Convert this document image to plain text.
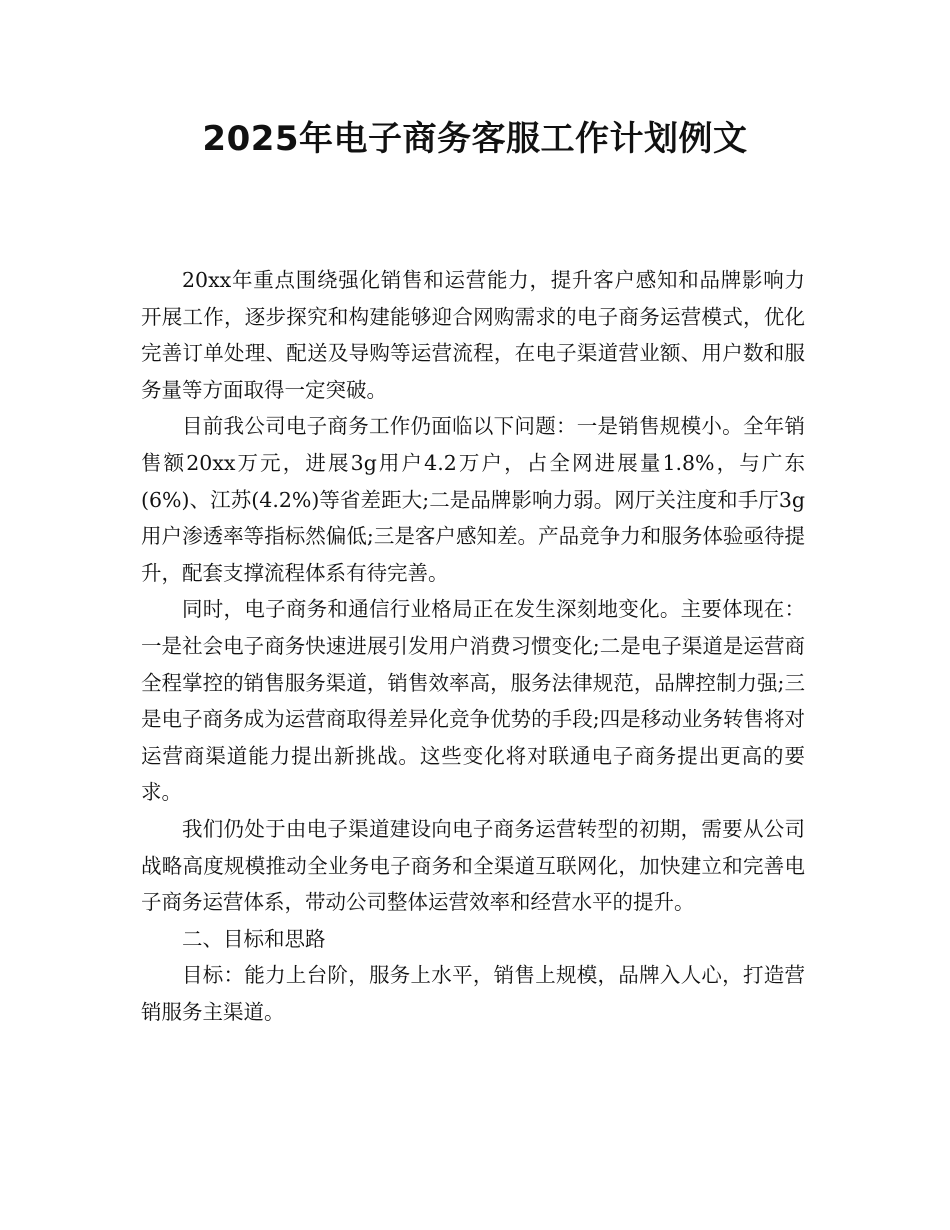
2025年电子商务客服工作计划例文

20xx年重点围绕强化销售和运营能力，提升客户感知和品牌影响力开展工作，逐步探究和构建能够迎合网购需求的电子商务运营模式，优化完善订单处理、配送及导购等运营流程，在电子渠道营业额、用户数和服务量等方面取得一定突破。

目前我公司电子商务工作仍面临以下问题：一是销售规模小。全年销售额20xx万元，进展3g用户4.2万户，占全网进展量1.8%，与广东(6%)、江苏(4.2%)等省差距大;二是品牌影响力弱。网厅关注度和手厅3g用户渗透率等指标然偏低;三是客户感知差。产品竞争力和服务体验亟待提升，配套支撑流程体系有待完善。

同时，电子商务和通信行业格局正在发生深刻地变化。主要体现在：一是社会电子商务快速进展引发用户消费习惯变化;二是电子渠道是运营商全程掌控的销售服务渠道，销售效率高，服务法律规范，品牌控制力强;三是电子商务成为运营商取得差异化竞争优势的手段;四是移动业务转售将对运营商渠道能力提出新挑战。这些变化将对联通电子商务提出更高的要求。

我们仍处于由电子渠道建设向电子商务运营转型的初期，需要从公司战略高度规模推动全业务电子商务和全渠道互联网化，加快建立和完善电子商务运营体系，带动公司整体运营效率和经营水平的提升。

二、目标和思路

目标：能力上台阶，服务上水平，销售上规模，品牌入人心，打造营销服务主渠道。
